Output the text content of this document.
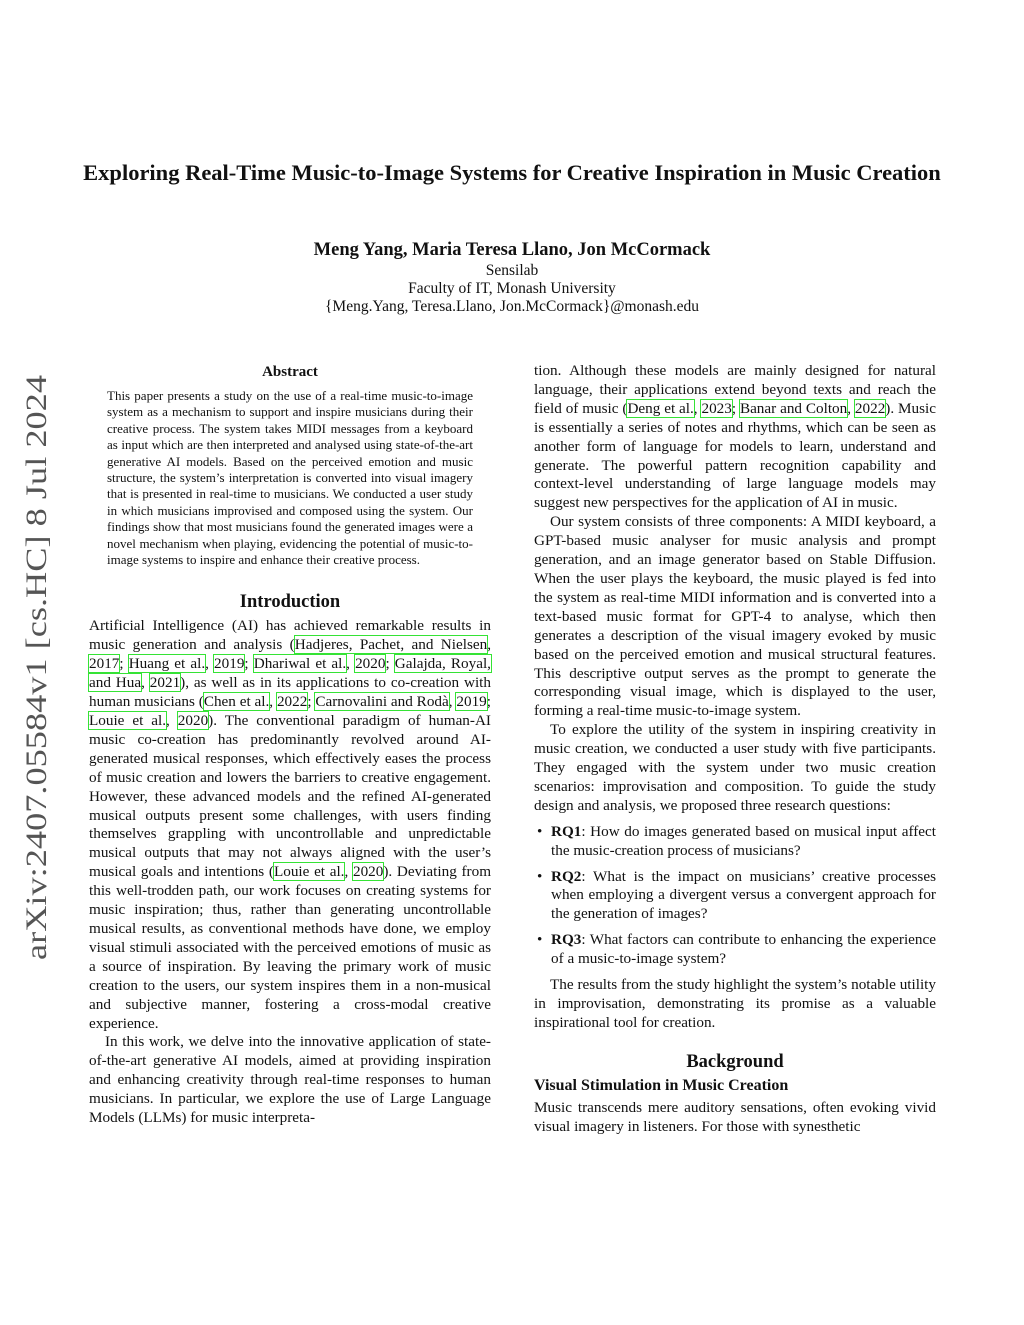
arXiv:2407.05584v1 [cs.HC] 8 Jul 2024
Exploring Real-Time Music-to-Image Systems for Creative Inspiration in Music Creation
Meng Yang, Maria Teresa Llano, Jon McCormack
Sensilab
Faculty of IT, Monash University
{Meng.Yang, Teresa.Llano, Jon.McCormack}@monash.edu
Abstract

This paper presents a study on the use of a real-time music-to-image system as a mechanism to support and inspire musicians during their creative process. The system takes MIDI messages from a keyboard as input which are then interpreted and analysed using state-of-the-art generative AI models. Based on the perceived emotion and music structure, the system’s interpretation is converted into visual imagery that is presented in real-time to musicians. We conducted a user study in which musicians improvised and composed using the system. Our findings show that most musicians found the generated images were a novel mechanism when playing, evidencing the potential of music-to-image systems to inspire and enhance their creative process.

Introduction

Artificial Intelligence (AI) has achieved remarkable results in music generation and analysis (Hadjeres, Pachet, and Nielsen, 2017; Huang et al., 2019; Dhariwal et al., 2020; Galajda, Royal, and Hua, 2021), as well as in its applications to co-creation with human musicians (Chen et al., 2022; Carnovalini and Rodà, 2019; Louie et al., 2020). The conventional paradigm of human-AI music co-creation has predominantly revolved around AI-generated musical responses, which effectively eases the process of music creation and lowers the barriers to creative engagement. However, these advanced models and the refined AI-generated musical outputs present some challenges, with users finding themselves grappling with uncontrollable and unpredictable musical outputs that may not always aligned with the user’s musical goals and intentions (Louie et al., 2020). Deviating from this well-trodden path, our work focuses on creating systems for music inspiration; thus, rather than generating uncontrollable musical results, as conventional methods have done, we employ visual stimuli associated with the perceived emotions of music as a source of inspiration. By leaving the primary work of music creation to the users, our system inspires them in a non-musical and subjective manner, fostering a cross-modal creative experience.

In this work, we delve into the innovative application of state-of-the-art generative AI models, aimed at providing inspiration and enhancing creativity through real-time responses to human musicians. In particular, we explore the use of Large Language Models (LLMs) for music interpreta-

tion. Although these models are mainly designed for natural language, their applications extend beyond texts and reach the field of music (Deng et al., 2023; Banar and Colton, 2022). Music is essentially a series of notes and rhythms, which can be seen as another form of language for models to learn, understand and generate. The powerful pattern recognition capability and context-level understanding of large language models may suggest new perspectives for the application of AI in music.

Our system consists of three components: A MIDI keyboard, a GPT-based music analyser for music analysis and prompt generation, and an image generator based on Stable Diffusion. When the user plays the keyboard, the music played is fed into the system as real-time MIDI information and is converted into a text-based music format for GPT-4 to analyse, which then generates a description of the visual imagery evoked by music based on the perceived emotion and musical structural features. This descriptive output serves as the prompt to generate the corresponding visual image, which is displayed to the user, forming a real-time music-to-image system.

To explore the utility of the system in inspiring creativity in music creation, we conducted a user study with five participants. They engaged with the system under two music creation scenarios: improvisation and composition. To guide the study design and analysis, we proposed three research questions:

• RQ1: How do images generated based on musical input affect the music-creation process of musicians?
• RQ2: What is the impact on musicians’ creative processes when employing a divergent versus a convergent approach for the generation of images?
• RQ3: What factors can contribute to enhancing the experience of a music-to-image system?

The results from the study highlight the system’s notable utility in improvisation, demonstrating its promise as a valuable inspirational tool for creation.

Background
Visual Stimulation in Music Creation

Music transcends mere auditory sensations, often evoking vivid visual imagery in listeners. For those with synesthetic
